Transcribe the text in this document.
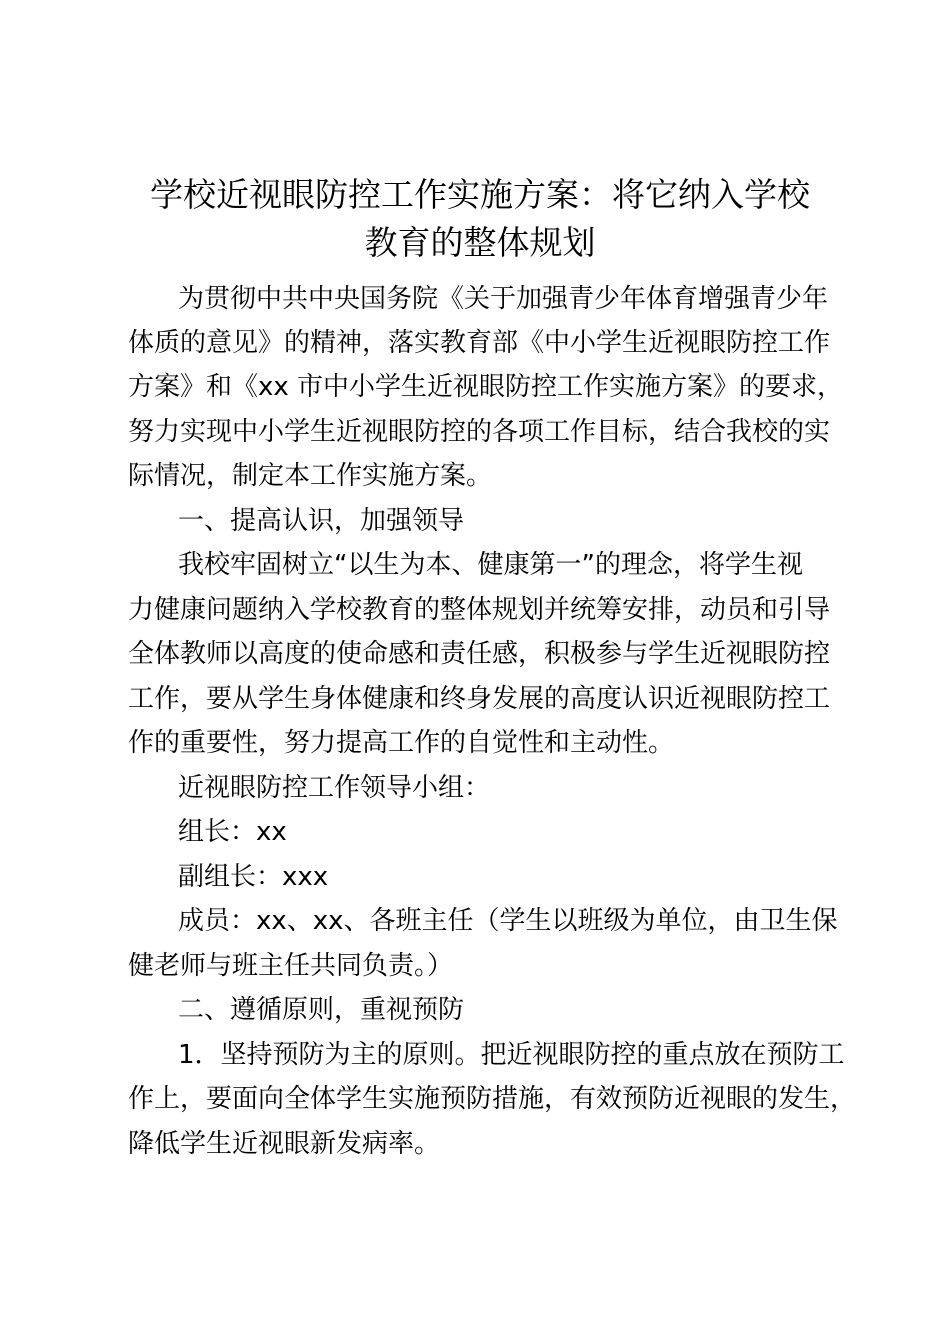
学校近视眼防控工作实施方案：将它纳入学校
教育的整体规划

为贯彻中共中央国务院《关于加强青少年体育增强青少年

体质的意见》的精神，落实教育部《中小学生近视眼防控工作

方案》和《xx 市中小学生近视眼防控工作实施方案》的要求，

努力实现中小学生近视眼防控的各项工作目标，结合我校的实

际情况，制定本工作实施方案。

一、提高认识，加强领导

我校牢固树立“以生为本、健康第一”的理念，将学生视

力健康问题纳入学校教育的整体规划并统筹安排，动员和引导

全体教师以高度的使命感和责任感，积极参与学生近视眼防控

工作，要从学生身体健康和终身发展的高度认识近视眼防控工

作的重要性，努力提高工作的自觉性和主动性。

近视眼防控工作领导小组：

组长：xx

副组长：xxx

成员：xx、xx、各班主任（学生以班级为单位，由卫生保

健老师与班主任共同负责。）

二、遵循原则，重视预防

1．坚持预防为主的原则。把近视眼防控的重点放在预防工

作上，要面向全体学生实施预防措施，有效预防近视眼的发生，

降低学生近视眼新发病率。
